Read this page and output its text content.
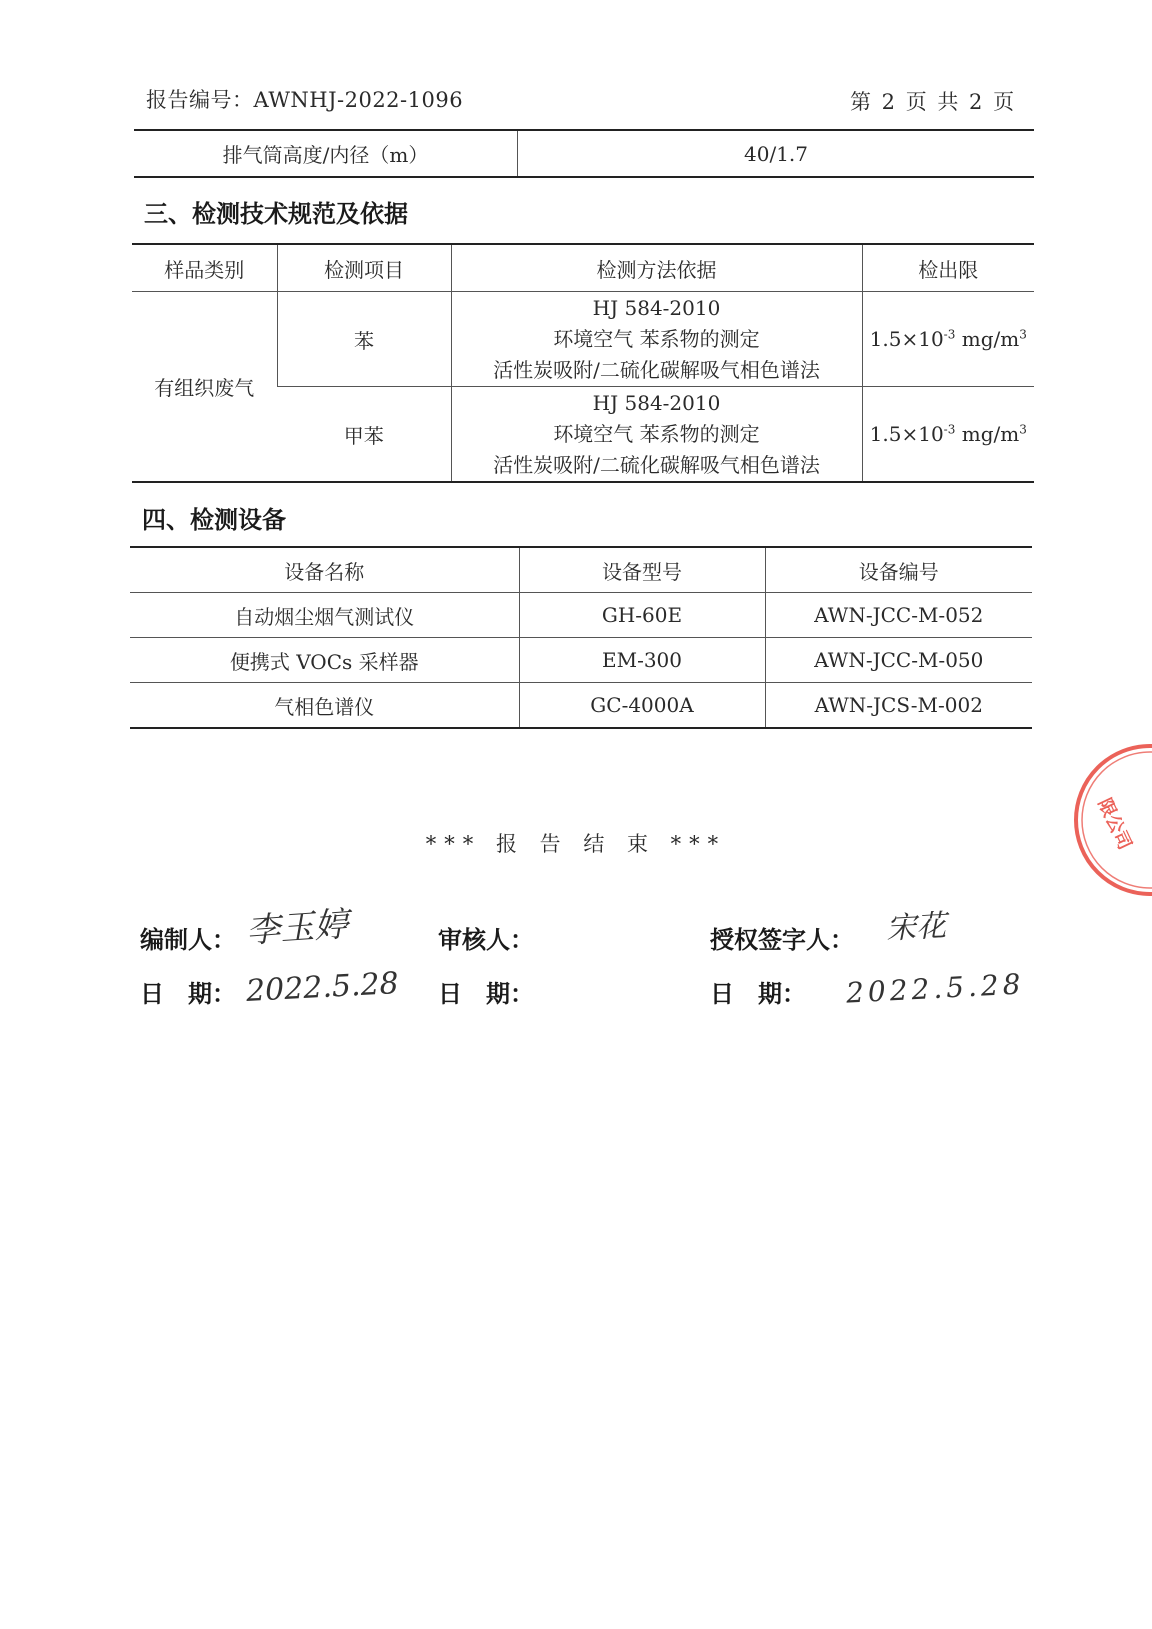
报告编号：AWNHJ-2022-1096	第 2 页 共 2 页
排气筒高度/内径（m）	40/1.7
三、检测技术规范及依据
样品类别	检测项目	检测方法依据	检出限
有组织废气	苯	HJ 584-2010
环境空气 苯系物的测定
活性炭吸附/二硫化碳解吸气相色谱法	$1.5\times 10^{-3}$ $mg/m^3$
	甲苯	HJ 584-2010
环境空气 苯系物的测定
活性炭吸附/二硫化碳解吸气相色谱法	$1.5\times 10^{-3}$ $mg/m^3$
四、检测设备
设备名称	设备型号	设备编号
自动烟尘烟气测试仪	GH-60E	AWN-JCC-M-052
便携式 VOCs 采样器	EM-300	AWN-JCC-M-050
气相色谱仪	GC-4000A	AWN-JCS-M-002
限公司
*** 报 告 结 束 ***
编制人： 李玉婷	审核人：	授权签字人： 宋花
日　期： 2022.5.28 日　期：	日　期： 2022.5.28
